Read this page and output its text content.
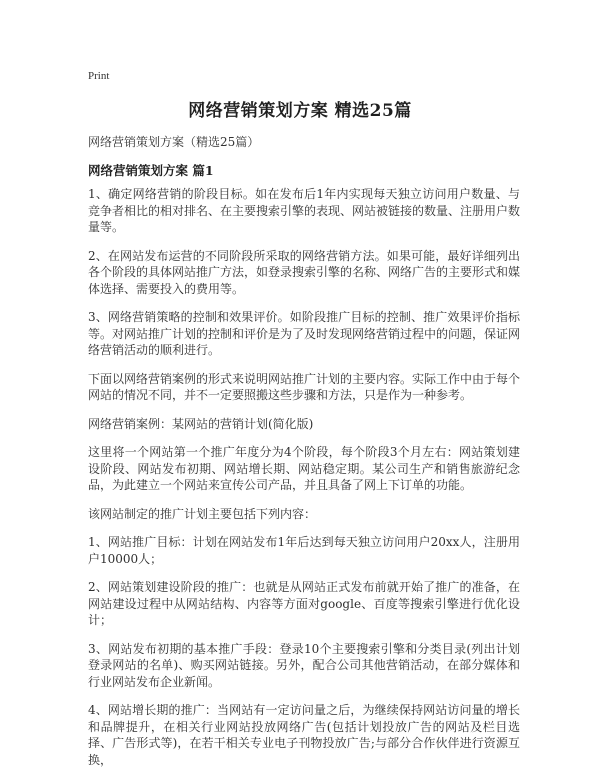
Print
网络营销策划方案 精选25篇
网络营销策划方案（精选25篇）
网络营销策划方案 篇1

1、确定网络营销的阶段目标。如在发布后1年内实现每天独立访问用户数量、与竞争者相比的相对排名、在主要搜索引擎的表现、网站被链接的数量、注册用户数量等。

2、在网站发布运营的不同阶段所采取的网络营销方法。如果可能，最好详细列出各个阶段的具体网站推广方法，如登录搜索引擎的名称、网络广告的主要形式和媒体选择、需要投入的费用等。

3、网络营销策略的控制和效果评价。如阶段推广目标的控制、推广效果评价指标等。对网站推广计划的控制和评价是为了及时发现网络营销过程中的问题，保证网络营销活动的顺利进行。

下面以网络营销案例的形式来说明网站推广计划的主要内容。实际工作中由于每个网站的情况不同，并不一定要照搬这些步骤和方法，只是作为一种参考。

网络营销案例：某网站的营销计划(简化版)

这里将一个网站第一个推广年度分为4个阶段，每个阶段3个月左右：网站策划建设阶段、网站发布初期、网站增长期、网站稳定期。某公司生产和销售旅游纪念品，为此建立一个网站来宣传公司产品，并且具备了网上下订单的功能。

该网站制定的推广计划主要包括下列内容：

1、网站推广目标：计划在网站发布1年后达到每天独立访问用户20xx人，注册用户10000人；

2、网站策划建设阶段的推广：也就是从网站正式发布前就开始了推广的准备，在网站建设过程中从网站结构、内容等方面对google、百度等搜索引擎进行优化设计；

3、网站发布初期的基本推广手段：登录10个主要搜索引擎和分类目录(列出计划登录网站的名单)、购买网站链接。另外，配合公司其他营销活动，在部分媒体和行业网站发布企业新闻。

4、网站增长期的推广：当网站有一定访问量之后，为继续保持网站访问量的增长和品牌提升，在相关行业网站投放网络广告(包括计划投放广告的网站及栏目选择、广告形式等)，在若干相关专业电子刊物投放广告;与部分合作伙伴进行资源互换，
